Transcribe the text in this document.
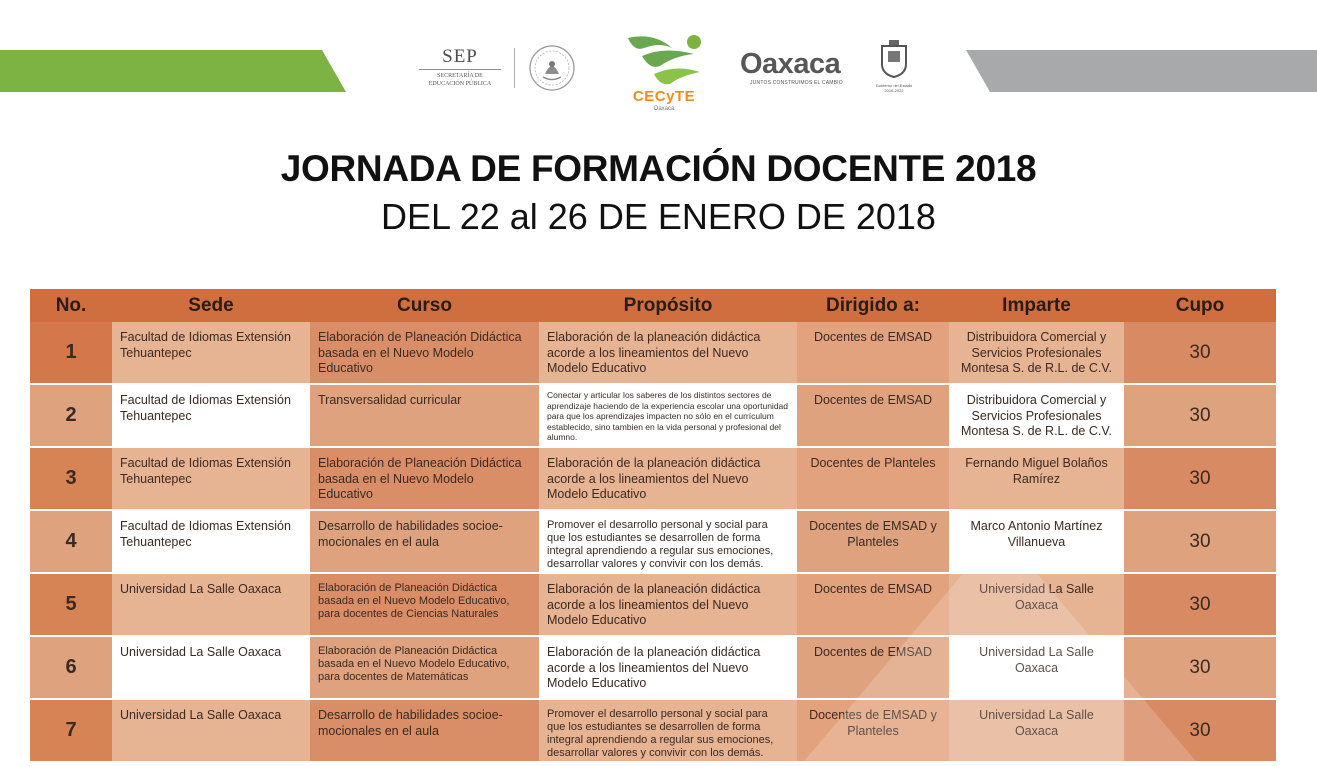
SEP
SECRETARÍA DE
EDUCACIÓN PÚBLICA
CECyTE
Oaxaca
Oaxaca
JUNTOS CONSTRUIMOS EL CAMBIO	Gobierno del Estado
2016-2022
JORNADA DE FORMACIÓN DOCENTE 2018
DEL 22 al 26 DE ENERO DE 2018
No.	Sede	Curso	Propósito	Dirigido a:	Imparte	Cupo
1	Facultad de Idiomas Extensión Tehuantepec	Elaboración de Planeación Didáctica basada en el Nuevo Modelo Educativo	Elaboración de la planeación didáctica acorde a los lineamientos del Nuevo Modelo Educativo	Docentes de EMSAD	Distribuidora Comercial y Servicios Profesionales Montesa S. de R.L. de C.V.	30
2	Facultad de Idiomas Extensión Tehuantepec	Transversalidad curricular	Conectar y articular los saberes de los distintos sectores de aprendizaje haciendo de la experiencia escolar una oportunidad para que los aprendizajes impacten no sólo en el currículum establecido, sino tambien en la vida personal y profesional del alumno.	Docentes de EMSAD	Distribuidora Comercial y Servicios Profesionales Montesa S. de R.L. de C.V.	30
3	Facultad de Idiomas Extensión Tehuantepec	Elaboración de Planeación Didáctica basada en el Nuevo Modelo Educativo	Elaboración de la planeación didáctica acorde a los lineamientos del Nuevo Modelo Educativo	Docentes de Planteles	Fernando Miguel Bolaños Ramírez	30
4	Facultad de Idiomas Extensión Tehuantepec	Desarrollo de habilidades socioe-mocionales en el aula	Promover el desarrollo personal y social para que los estudiantes se desarrollen de forma integral aprendiendo a regular sus emociones, desarrollar valores y convivir con los demás.	Docentes de EMSAD y Planteles	Marco Antonio Martínez Villanueva	30
5	Universidad La Salle Oaxaca	Elaboración de Planeación Didáctica basada en el Nuevo Modelo Educativo, para docentes de Ciencias Naturales	Elaboración de la planeación didáctica acorde a los lineamientos del Nuevo Modelo Educativo	Docentes de EMSAD	Universidad La Salle Oaxaca	30
6	Universidad La Salle Oaxaca	Elaboración de Planeación Didáctica basada en el Nuevo Modelo Educativo, para docentes de Matemáticas	Elaboración de la planeación didáctica acorde a los lineamientos del Nuevo Modelo Educativo	Docentes de EMSAD	Universidad La Salle Oaxaca	30
7	Universidad La Salle Oaxaca	Desarrollo de habilidades socioe-mocionales en el aula	Promover el desarrollo personal y social para que los estudiantes se desarrollen de forma integral aprendiendo a regular sus emociones, desarrollar valores y convivir con los demás.	Docentes de EMSAD y Planteles	Universidad La Salle Oaxaca	30
